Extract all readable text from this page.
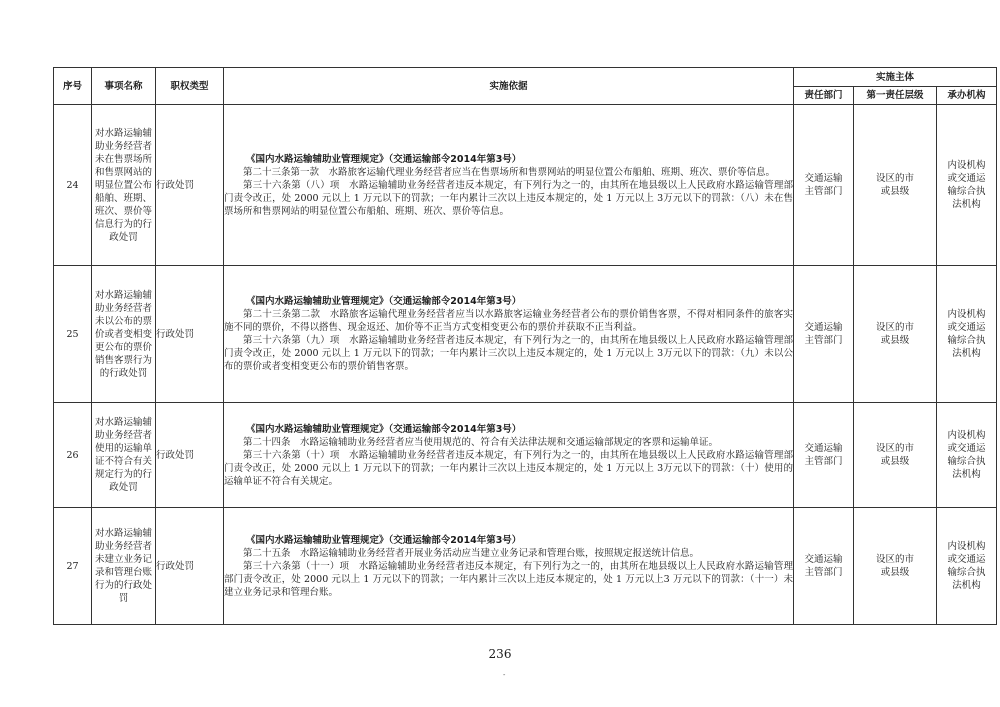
序号	事项名称	职权类型	实施依据	实施主体		
				责任部门	第一责任层级	承办机构
24	对水路运输辅助业务经营者未在售票场所和售票网站的明显位置公布船舶、班期、班次、票价等信息行为的行政处罚	行政处罚	《国内水路运输辅助业管理规定》（交通运输部令2014年第3号）
第二十三条第一款　水路旅客运输代理业务经营者应当在售票场所和售票网站的明显位置公布船舶、班期、班次、票价等信息。
第三十六条第（八）项　水路运输辅助业务经营者违反本规定，有下列行为之一的，由其所在地县级以上人民政府水路运输管理部门责令改正，处 2000 元以上 1 万元以下的罚款；一年内累计三次以上违反本规定的，处 1 万元以上 3万元以下的罚款：（八）未在售票场所和售票网站的明显位置公布船舶、班期、班次、票价等信息。	交通运输主管部门	设区的市或县级	内设机构或交通运输综合执法机构
25	对水路运输辅助业务经营者未以公布的票价或者变相变更公布的票价销售客票行为的行政处罚	行政处罚	《国内水路运输辅助业管理规定》（交通运输部令2014年第3号）
第二十三条第二款　水路旅客运输代理业务经营者应当以水路旅客运输业务经营者公布的票价销售客票，不得对相同条件的旅客实施不同的票价，不得以搭售、现金返还、加价等不正当方式变相变更公布的票价并获取不正当利益。
第三十六条第（九）项　水路运输辅助业务经营者违反本规定，有下列行为之一的，由其所在地县级以上人民政府水路运输管理部门责令改正，处 2000 元以上 1 万元以下的罚款；一年内累计三次以上违反本规定的，处 1 万元以上 3万元以下的罚款：（九）未以公布的票价或者变相变更公布的票价销售客票。	交通运输主管部门	设区的市或县级	内设机构或交通运输综合执法机构
26	对水路运输辅助业务经营者使用的运输单证不符合有关规定行为的行政处罚	行政处罚	《国内水路运输辅助业管理规定》（交通运输部令2014年第3号）
第二十四条　水路运输辅助业务经营者应当使用规范的、符合有关法律法规和交通运输部规定的客票和运输单证。
第三十六条第（十）项　水路运输辅助业务经营者违反本规定，有下列行为之一的，由其所在地县级以上人民政府水路运输管理部门责令改正，处 2000 元以上 1 万元以下的罚款；一年内累计三次以上违反本规定的，处 1 万元以上 3万元以下的罚款：（十）使用的运输单证不符合有关规定。	交通运输主管部门	设区的市或县级	内设机构或交通运输综合执法机构
27	对水路运输辅助业务经营者未建立业务记录和管理台账行为的行政处罚	行政处罚	《国内水路运输辅助业管理规定》（交通运输部令2014年第3号）
第二十五条　水路运输辅助业务经营者开展业务活动应当建立业务记录和管理台账，按照规定报送统计信息。
第三十六条第（十一）项　水路运输辅助业务经营者违反本规定，有下列行为之一的，由其所在地县级以上人民政府水路运输管理部门责令改正，处 2000 元以上 1 万元以下的罚款；一年内累计三次以上违反本规定的，处 1 万元以上3 万元以下的罚款：（十一）未建立业务记录和管理台账。	交通运输主管部门	设区的市或县级	内设机构或交通运输综合执法机构
236
-
